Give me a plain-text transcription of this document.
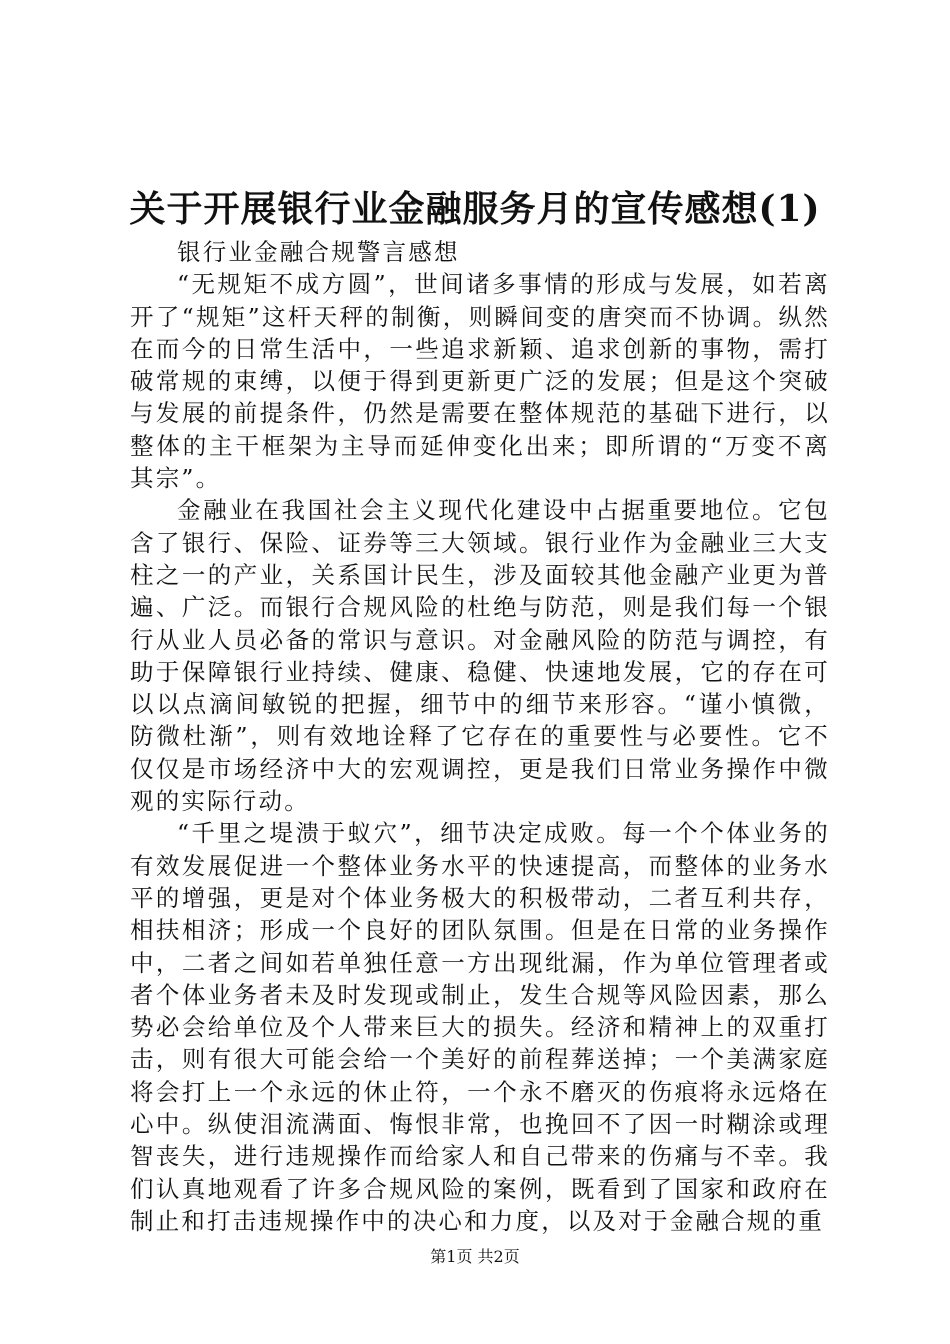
关于开展银行业金融服务月的宣传感想(1)

银行业金融合规警言感想

“无规矩不成方圆”，世间诸多事情的形成与发展，如若离开了“规矩”这杆天秤的制衡，则瞬间变的唐突而不协调。纵然在而今的日常生活中，一些追求新颖、追求创新的事物，需打破常规的束缚，以便于得到更新更广泛的发展；但是这个突破与发展的前提条件，仍然是需要在整体规范的基础下进行，以整体的主干框架为主导而延伸变化出来；即所谓的“万变不离其宗”。

金融业在我国社会主义现代化建设中占据重要地位。它包含了银行、保险、证券等三大领域。银行业作为金融业三大支柱之一的产业，关系国计民生，涉及面较其他金融产业更为普遍、广泛。而银行合规风险的杜绝与防范，则是我们每一个银行从业人员必备的常识与意识。对金融风险的防范与调控，有助于保障银行业持续、健康、稳健、快速地发展，它的存在可以以点滴间敏锐的把握，细节中的细节来形容。“谨小慎微，防微杜渐”，则有效地诠释了它存在的重要性与必要性。它不仅仅是市场经济中大的宏观调控，更是我们日常业务操作中微观的实际行动。

“千里之堤溃于蚁穴”，细节决定成败。每一个个体业务的有效发展促进一个整体业务水平的快速提高，而整体的业务水平的增强，更是对个体业务极大的积极带动，二者互利共存，相扶相济；形成一个良好的团队氛围。但是在日常的业务操作中，二者之间如若单独任意一方出现纰漏，作为单位管理者或者个体业务者未及时发现或制止，发生合规等风险因素，那么势必会给单位及个人带来巨大的损失。经济和精神上的双重打击，则有很大可能会给一个美好的前程葬送掉；一个美满家庭将会打上一个永远的休止符，一个永不磨灭的伤痕将永远烙在心中。纵使泪流满面、悔恨非常，也挽回不了因一时糊涂或理智丧失，进行违规操作而给家人和自己带来的伤痛与不幸。我们认真地观看了许多合规风险的案例，既看到了国家和政府在制止和打击违规操作中的决心和力度，以及对于金融合规的重

第1页 共2页
